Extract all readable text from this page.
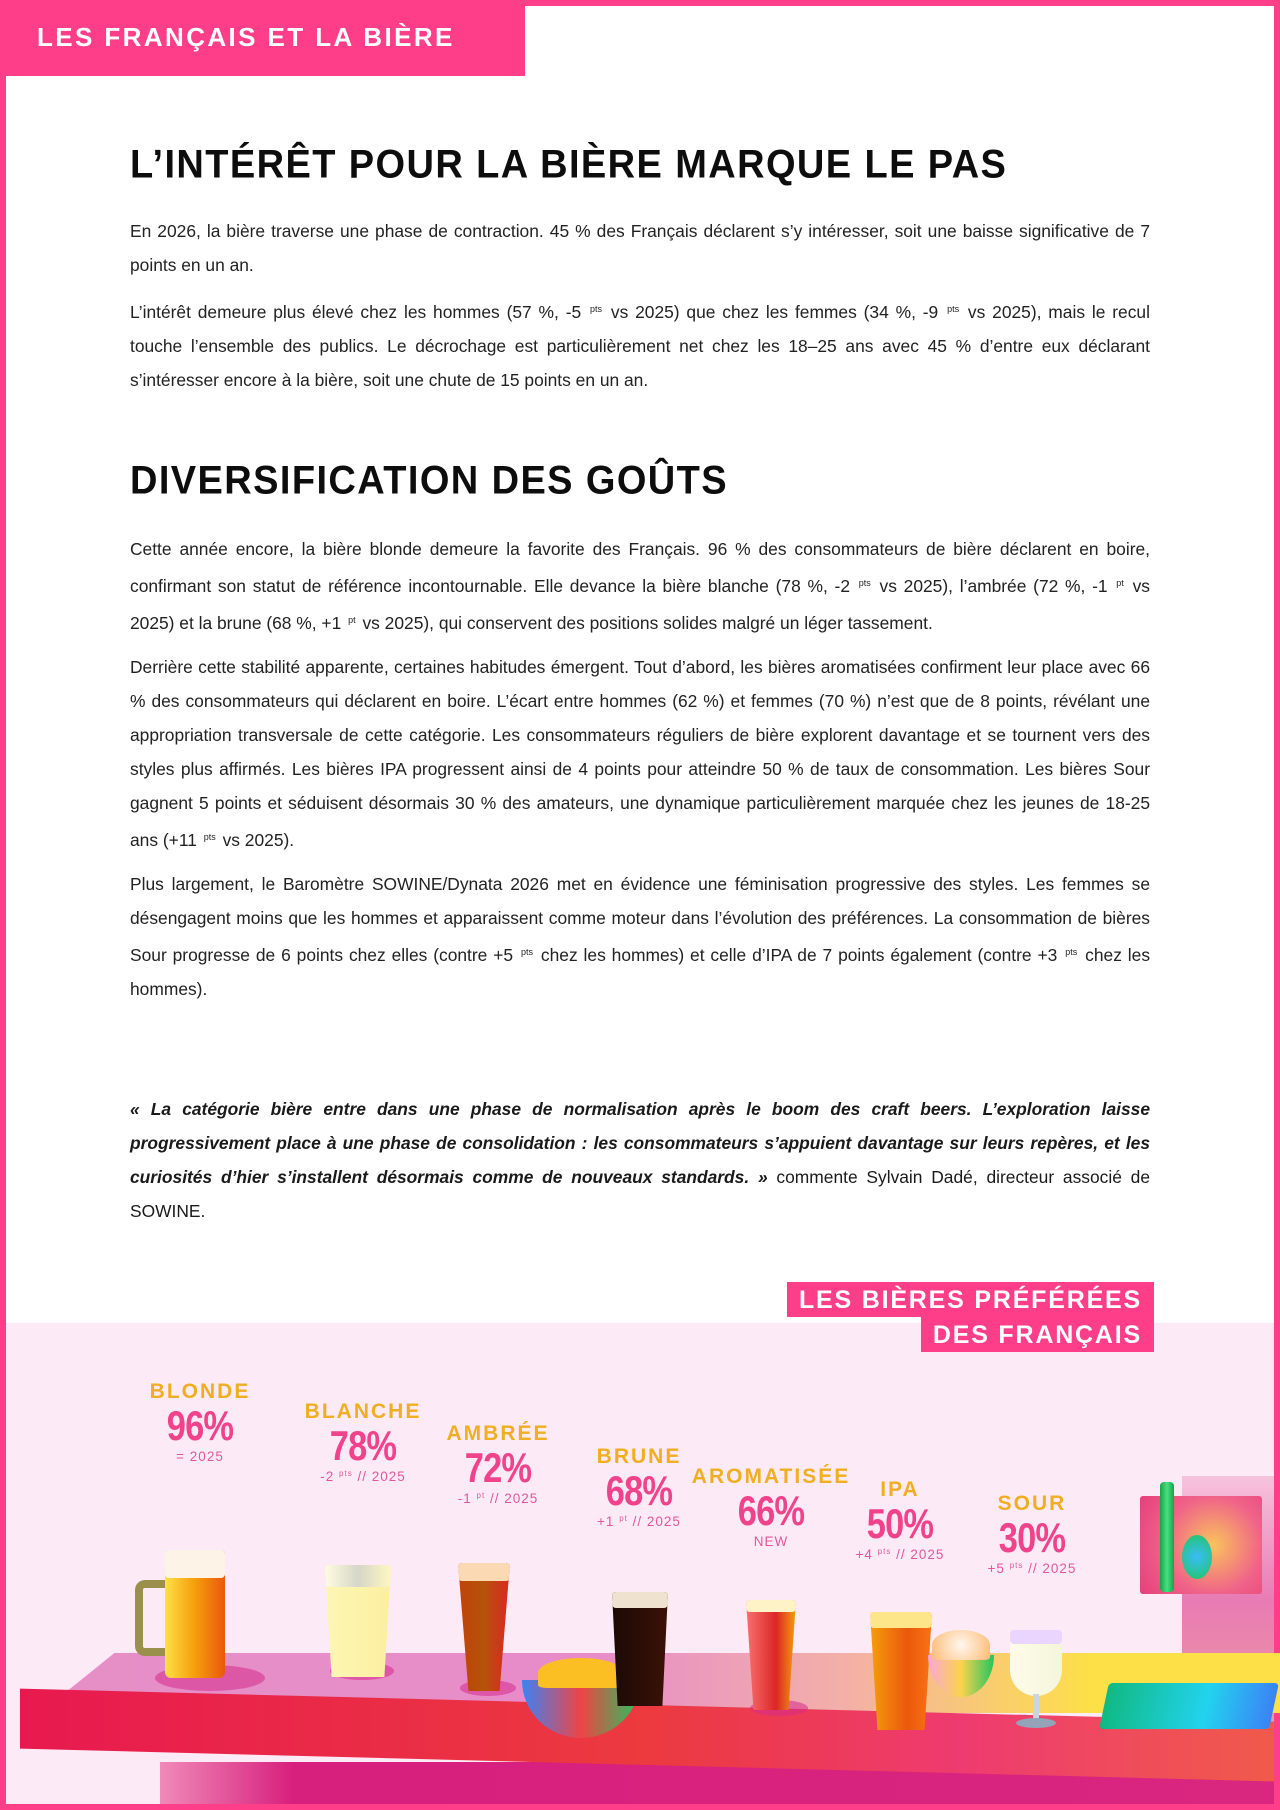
LES FRANÇAIS ET LA BIÈRE
L’INTÉRÊT POUR LA BIÈRE MARQUE LE PAS

En 2026, la bière traverse une phase de contraction. 45 % des Français déclarent s’y intéresser, soit une baisse significative de 7 points en un an.

L’intérêt demeure plus élevé chez les hommes (57 %, -5 $^{pts}$ vs 2025) que chez les femmes (34 %, -9 $^{pts}$ vs 2025), mais le recul touche l’ensemble des publics. Le décrochage est particulièrement net chez les 18–25 ans avec 45 % d’entre eux déclarant s’intéresser encore à la bière, soit une chute de 15 points en un an.

DIVERSIFICATION DES GOÛTS

Cette année encore, la bière blonde demeure la favorite des Français. 96 % des consommateurs de bière déclarent en boire, confirmant son statut de référence incontournable. Elle devance la bière blanche (78 %, -2 $^{pts}$ vs 2025), l’ambrée (72 %, -1 $^{pt}$ vs 2025) et la brune (68 %, +1 $^{pt}$ vs 2025), qui conservent des positions solides malgré un léger tassement.

Derrière cette stabilité apparente, certaines habitudes émergent. Tout d’abord, les bières aromatisées confirment leur place avec 66 % des consommateurs qui déclarent en boire. L’écart entre hommes (62 %) et femmes (70 %) n’est que de 8 points, révélant une appropriation transversale de cette catégorie. Les consommateurs réguliers de bière explorent davantage et se tournent vers des styles plus affirmés. Les bières IPA progressent ainsi de 4 points pour atteindre 50 % de taux de consommation. Les bières Sour gagnent 5 points et séduisent désormais 30 % des amateurs, une dynamique particulièrement marquée chez les jeunes de 18-25 ans (+11 $^{pts}$ vs 2025).

Plus largement, le Baromètre SOWINE/Dynata 2026 met en évidence une féminisation progressive des styles. Les femmes se désengagent moins que les hommes et apparaissent comme moteur dans l’évolution des préférences. La consommation de bières Sour progresse de 6 points chez elles (contre +5 $^{pts}$ chez les hommes) et celle d’IPA de 7 points également (contre +3 $^{pts}$ chez les hommes).

« La catégorie bière entre dans une phase de normalisation après le boom des craft beers. L’exploration laisse progressivement place à une phase de consolidation : les consommateurs s’appuient davantage sur leurs repères, et les curiosités d’hier s’installent désormais comme de nouveaux standards. » commente Sylvain Dadé, directeur associé de SOWINE.

LES BIÈRES PRÉFÉRÉES
DES FRANÇAIS
BLONDE
96%
= 2025
BLANCHE
78%
-2 $^{pts}$ // 2025
AMBRÉE
72%
-1 $^{pt}$ // 2025
BRUNE
68%
+1 $^{pt}$ // 2025
AROMATISÉE
66%
NEW
IPA
50%
+4 $^{pts}$ // 2025
SOUR
30%
+5 $^{pts}$ // 2025
